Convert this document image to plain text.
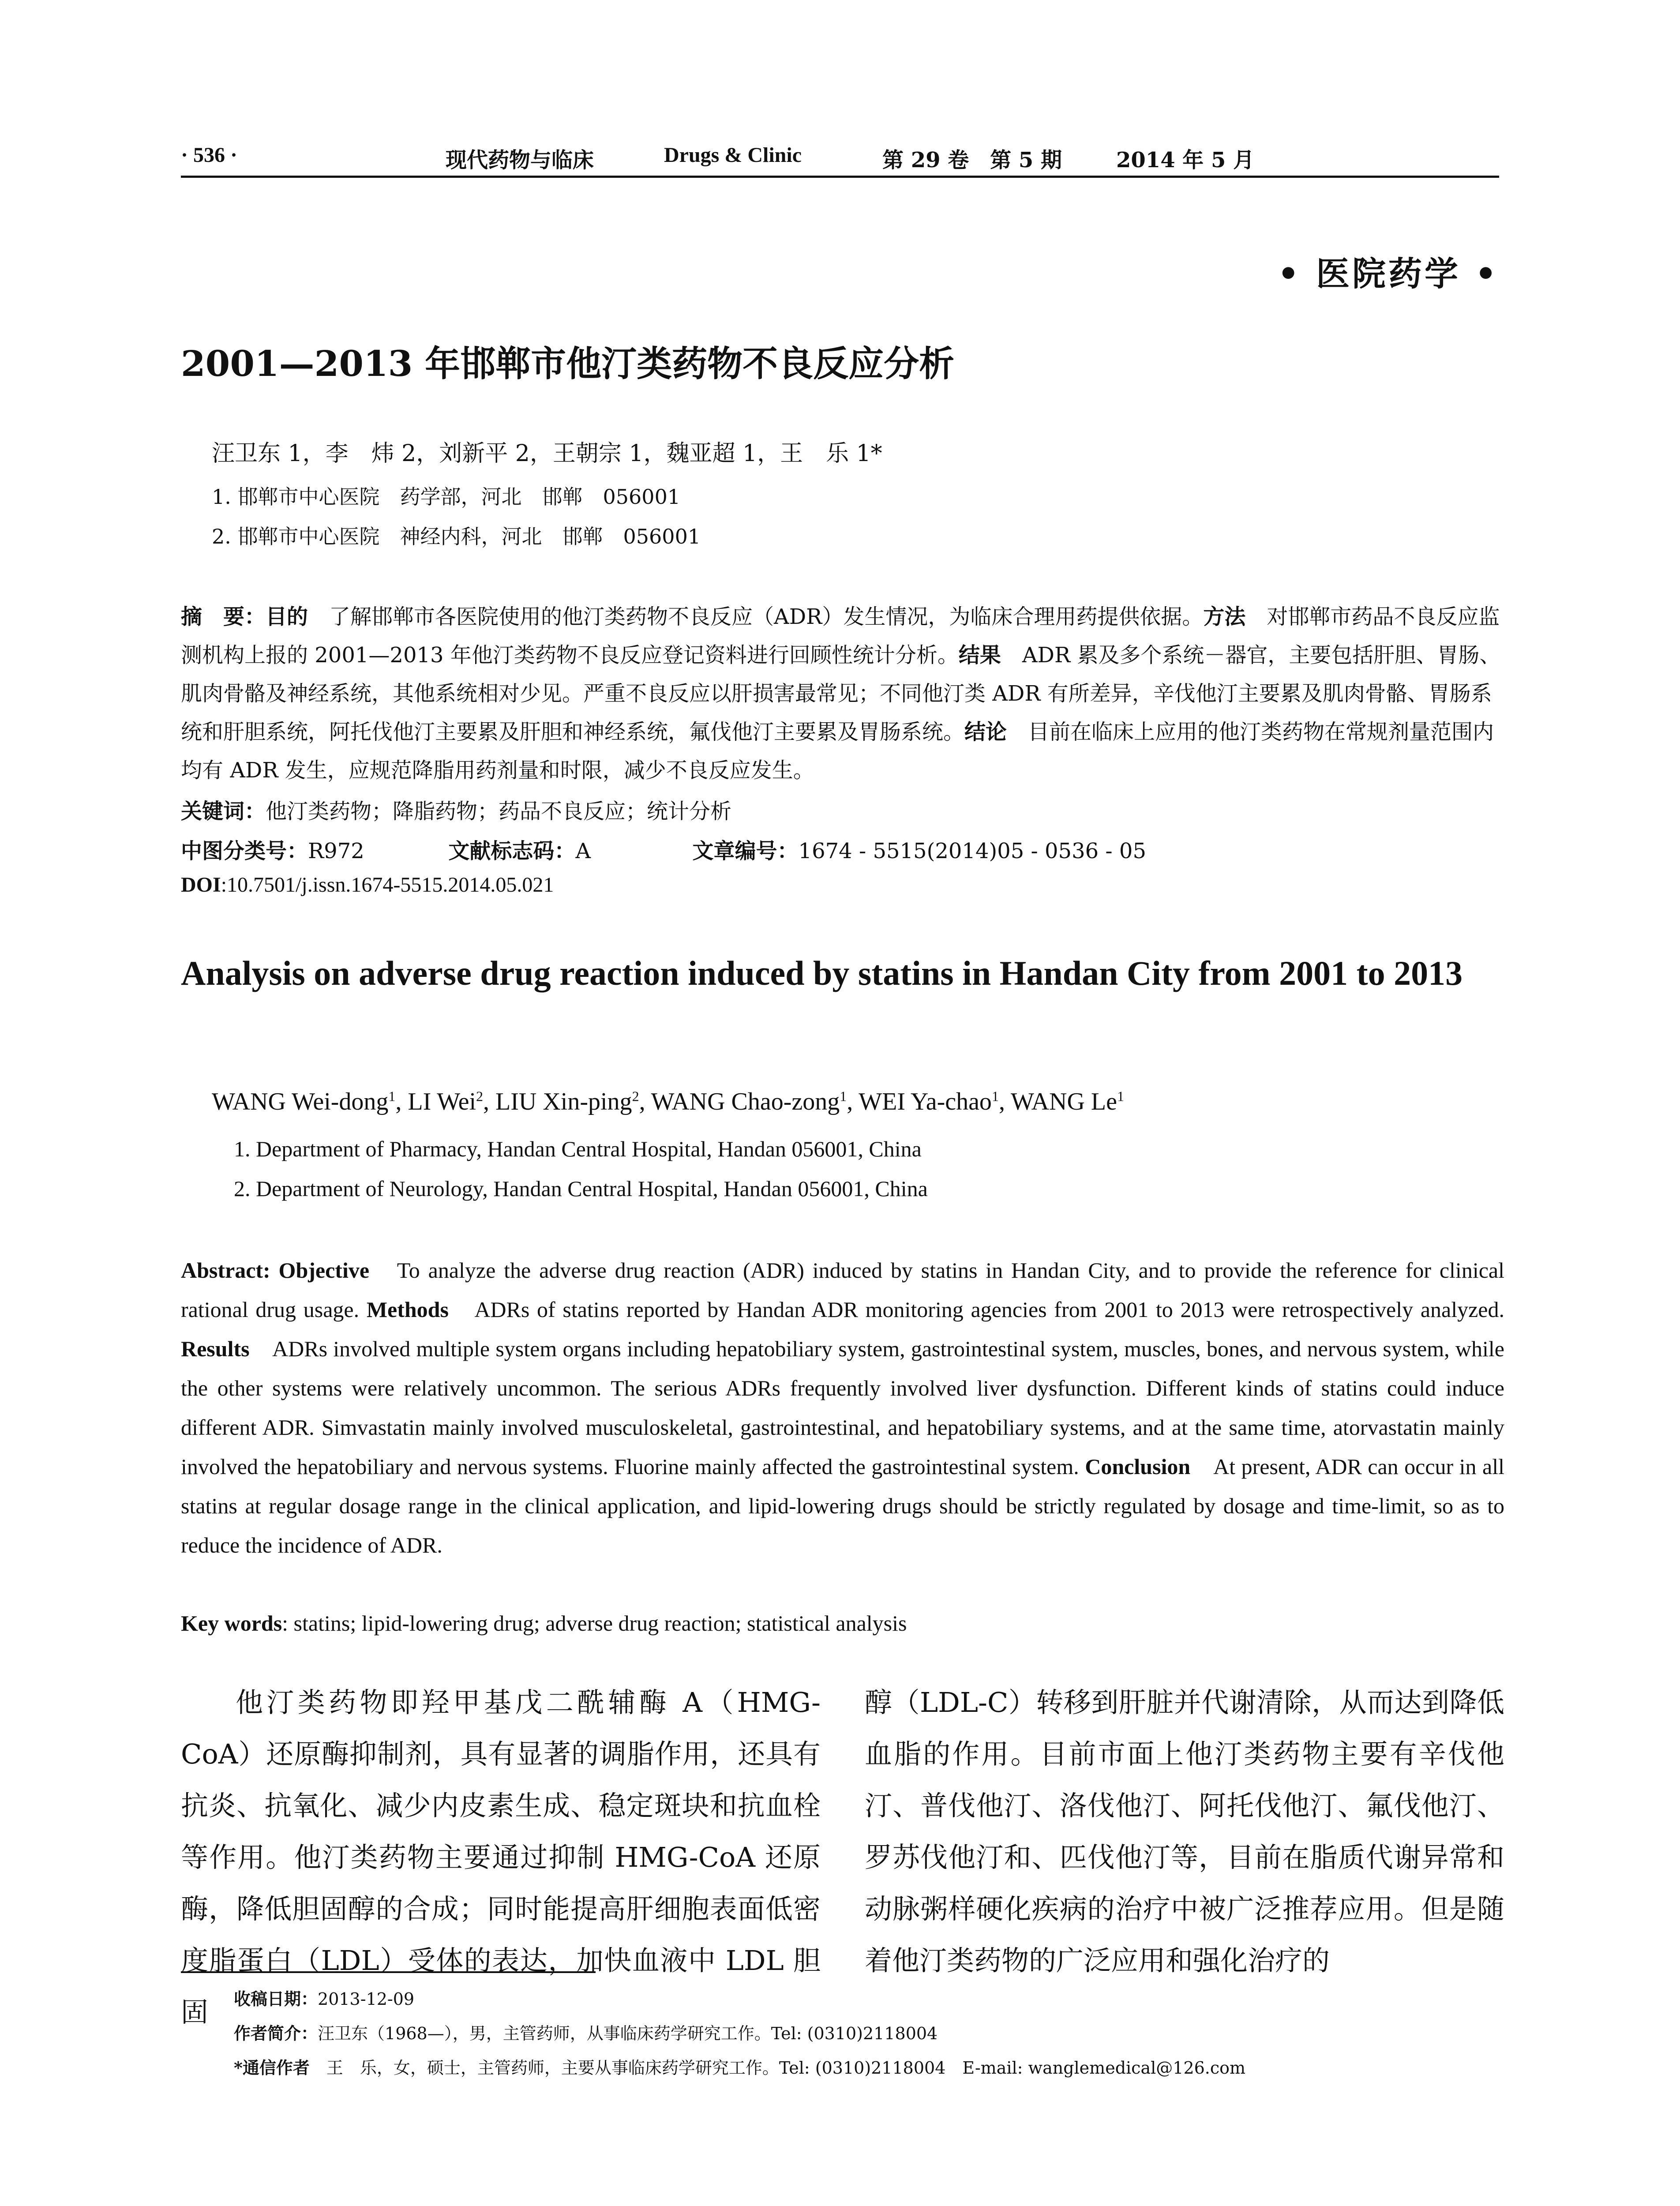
· 536 ·	现代药物与临床	Drugs & Clinic	第 29 卷　第 5 期	2014 年 5 月
• 医院药学 •
2001—2013 年邯郸市他汀类药物不良反应分析
汪卫东 1，李　炜 2，刘新平 2，王朝宗 1，魏亚超 1，王　乐 1*
1. 邯郸市中心医院　药学部，河北　邯郸　056001
2. 邯郸市中心医院　神经内科，河北　邯郸　056001
摘　要：目的　了解邯郸市各医院使用的他汀类药物不良反应（ADR）发生情况，为临床合理用药提供依据。方法　对邯郸市药品不良反应监测机构上报的 2001—2013 年他汀类药物不良反应登记资料进行回顾性统计分析。结果　ADR 累及多个系统－器官，主要包括肝胆、胃肠、肌肉骨骼及神经系统，其他系统相对少见。严重不良反应以肝损害最常见；不同他汀类 ADR 有所差异，辛伐他汀主要累及肌肉骨骼、胃肠系统和肝胆系统，阿托伐他汀主要累及肝胆和神经系统，氟伐他汀主要累及胃肠系统。结论　目前在临床上应用的他汀类药物在常规剂量范围内均有 ADR 发生，应规范降脂用药剂量和时限，减少不良反应发生。
关键词：他汀类药物；降脂药物；药品不良反应；统计分析
中图分类号：R972	文献标志码：A	文章编号：1674 - 5515(2014)05 - 0536 - 05
DOI:10.7501/j.issn.1674-5515.2014.05.021
Analysis on adverse drug reaction induced by statins in Handan City from 2001 to 2013
WANG Wei-dong$^1$, LI Wei$^2$, LIU Xin-ping$^2$, WANG Chao-zong$^1$, WEI Ya-chao$^1$, WANG Le$^1$
1. Department of Pharmacy, Handan Central Hospital, Handan 056001, China
2. Department of Neurology, Handan Central Hospital, Handan 056001, China
Abstract: Objective　To analyze the adverse drug reaction (ADR) induced by statins in Handan City, and to provide the reference for clinical rational drug usage. Methods　ADRs of statins reported by Handan ADR monitoring agencies from 2001 to 2013 were retrospectively analyzed. Results　ADRs involved multiple system organs including hepatobiliary system, gastrointestinal system, muscles, bones, and nervous system, while the other systems were relatively uncommon. The serious ADRs frequently involved liver dysfunction. Different kinds of statins could induce different ADR. Simvastatin mainly involved musculoskeletal, gastrointestinal, and hepatobiliary systems, and at the same time, atorvastatin mainly involved the hepatobiliary and nervous systems. Fluorine mainly affected the gastrointestinal system. Conclusion　At present, ADR can occur in all statins at regular dosage range in the clinical application, and lipid-lowering drugs should be strictly regulated by dosage and time-limit, so as to reduce the incidence of ADR.
Key words: statins; lipid-lowering drug; adverse drug reaction; statistical analysis
他汀类药物即羟甲基戊二酰辅酶 A（HMG-CoA）还原酶抑制剂，具有显著的调脂作用，还具有抗炎、抗氧化、减少内皮素生成、稳定斑块和抗血栓等作用。他汀类药物主要通过抑制 HMG-CoA 还原酶，降低胆固醇的合成；同时能提高肝细胞表面低密度脂蛋白（LDL）受体的表达，加快血液中 LDL 胆固
醇（LDL-C）转移到肝脏并代谢清除，从而达到降低血脂的作用。目前市面上他汀类药物主要有辛伐他汀、普伐他汀、洛伐他汀、阿托伐他汀、氟伐他汀、罗苏伐他汀和、匹伐他汀等，目前在脂质代谢异常和动脉粥样硬化疾病的治疗中被广泛推荐应用。但是随着他汀类药物的广泛应用和强化治疗的
收稿日期：2013-12-09
作者简介：汪卫东（1968—），男，主管药师，从事临床药学研究工作。Tel: (0310)2118004
*通信作者　王　乐，女，硕士，主管药师，主要从事临床药学研究工作。Tel: (0310)2118004　E-mail: wanglemedical@126.com
